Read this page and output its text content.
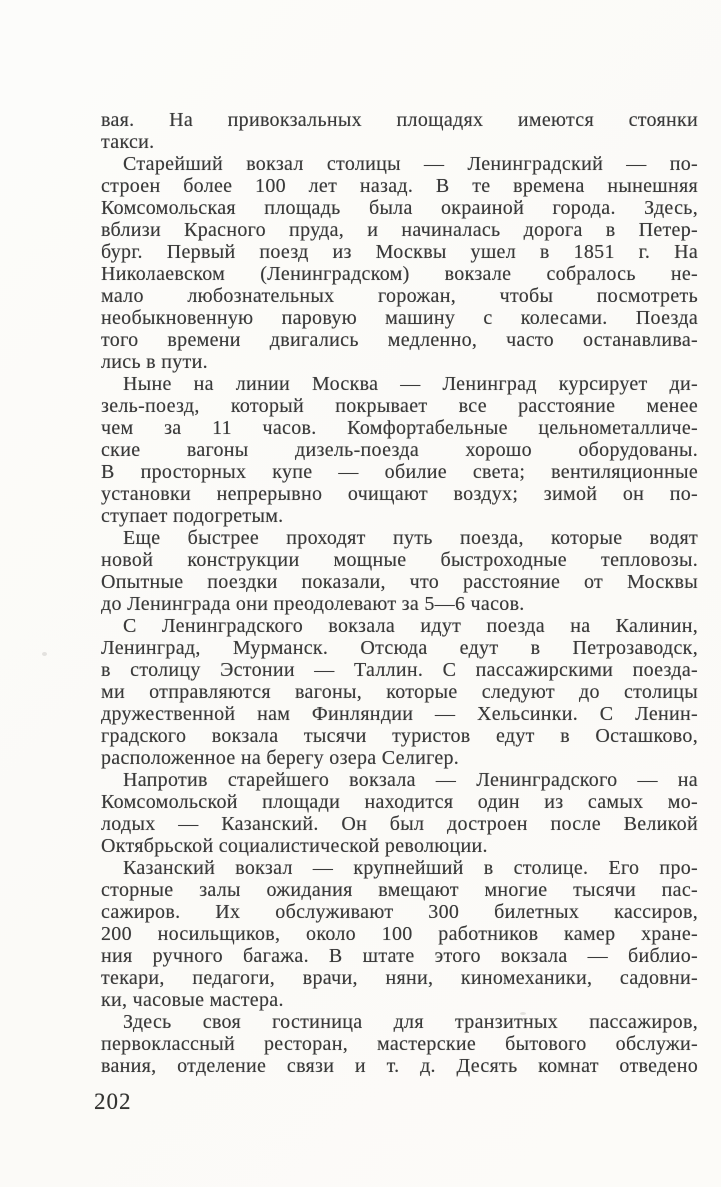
вая. На привокзальных площадях имеются стоянки
такси.
Старейший вокзал столицы — Ленинградский — по-
строен более 100 лет назад. В те времена нынешняя
Комсомольская площадь была окраиной города. Здесь,
вблизи Красного пруда, и начиналась дорога в Петер-
бург. Первый поезд из Москвы ушел в 1851 г. На
Николаевском (Ленинградском) вокзале собралось не-
мало любознательных горожан, чтобы посмотреть
необыкновенную паровую машину с колесами. Поезда
того времени двигались медленно, часто останавлива-
лись в пути.
Ныне на линии Москва — Ленинград курсирует ди-
зель-поезд, который покрывает все расстояние менее
чем за 11 часов. Комфортабельные цельнометалличе-
ские вагоны дизель-поезда хорошо оборудованы.
В просторных купе — обилие света; вентиляционные
установки непрерывно очищают воздух; зимой он по-
ступает подогретым.
Еще быстрее проходят путь поезда, которые водят
новой конструкции мощные быстроходные тепловозы.
Опытные поездки показали, что расстояние от Москвы
до Ленинграда они преодолевают за 5—6 часов.
С Ленинградского вокзала идут поезда на Калинин,
Ленинград, Мурманск. Отсюда едут в Петрозаводск,
в столицу Эстонии — Таллин. С пассажирскими поезда-
ми отправляются вагоны, которые следуют до столицы
дружественной нам Финляндии — Хельсинки. С Ленин-
градского вокзала тысячи туристов едут в Осташково,
расположенное на берегу озера Селигер.
Напротив старейшего вокзала — Ленинградского — на
Комсомольской площади находится один из самых мо-
лодых — Казанский. Он был достроен после Великой
Октябрьской социалистической революции.
Казанский вокзал — крупнейший в столице. Его про-
сторные залы ожидания вмещают многие тысячи пас-
сажиров. Их обслуживают 300 билетных кассиров,
200 носильщиков, около 100 работников камер хране-
ния ручного багажа. В штате этого вокзала — библио-
текари, педагоги, врачи, няни, киномеханики, садовни-
ки, часовые мастера.
Здесь своя гостиница для транзитных пассажиров,
первоклассный ресторан, мастерские бытового обслужи-
вания, отделение связи и т. д. Десять комнат отведено
202
